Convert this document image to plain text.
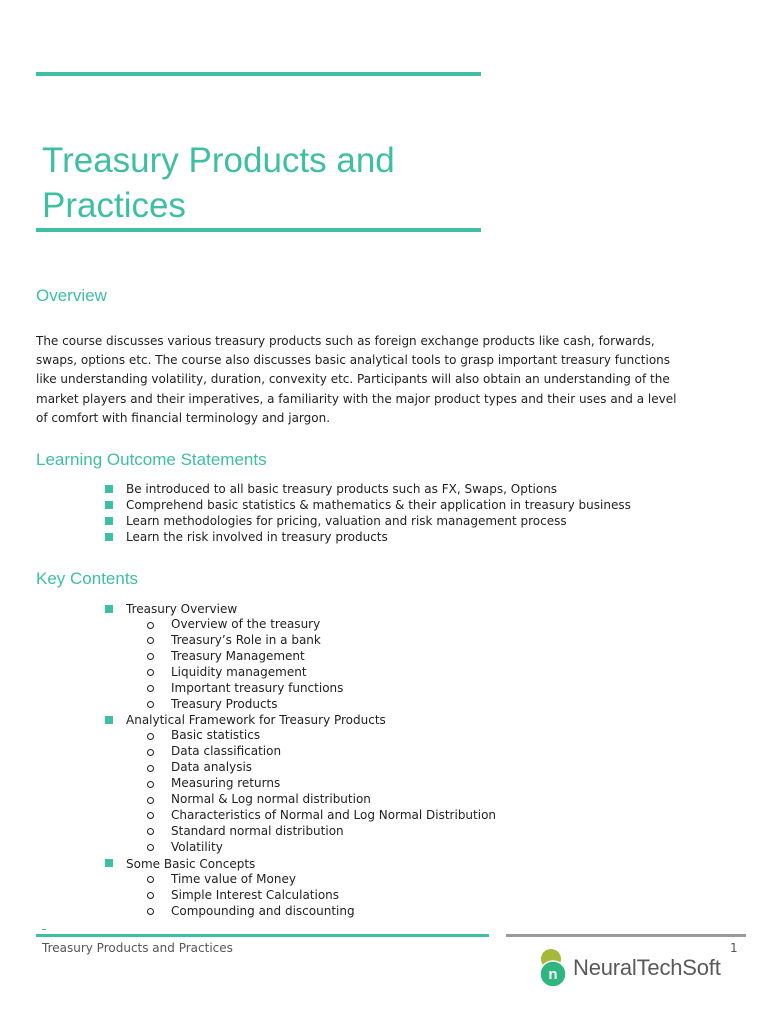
Treasury Products and Practices
Overview

The course discusses various treasury products such as foreign exchange products like cash, forwards, swaps, options etc. The course also discusses basic analytical tools to grasp important treasury functions like understanding volatility, duration, convexity etc. Participants will also obtain an understanding of the market players and their imperatives, a familiarity with the major product types and their uses and a level of comfort with financial terminology and jargon.

Learning Outcome Statements
Be introduced to all basic treasury products such as FX, Swaps, Options
Comprehend basic statistics & mathematics & their application in treasury business
Learn methodologies for pricing, valuation and risk management process
Learn the risk involved in treasury products
Key Contents
Treasury Overview
Overview of the treasury
Treasury’s Role in a bank
Treasury Management
Liquidity management
Important treasury functions
Treasury Products
Analytical Framework for Treasury Products
Basic statistics
Data classification
Data analysis
Measuring returns
Normal & Log normal distribution
Characteristics of Normal and Log Normal Distribution
Standard normal distribution
Volatility
Some Basic Concepts
Time value of Money
Simple Interest Calculations
Compounding and discounting
Treasury Products and Practices	1
n NeuralTechSoft
